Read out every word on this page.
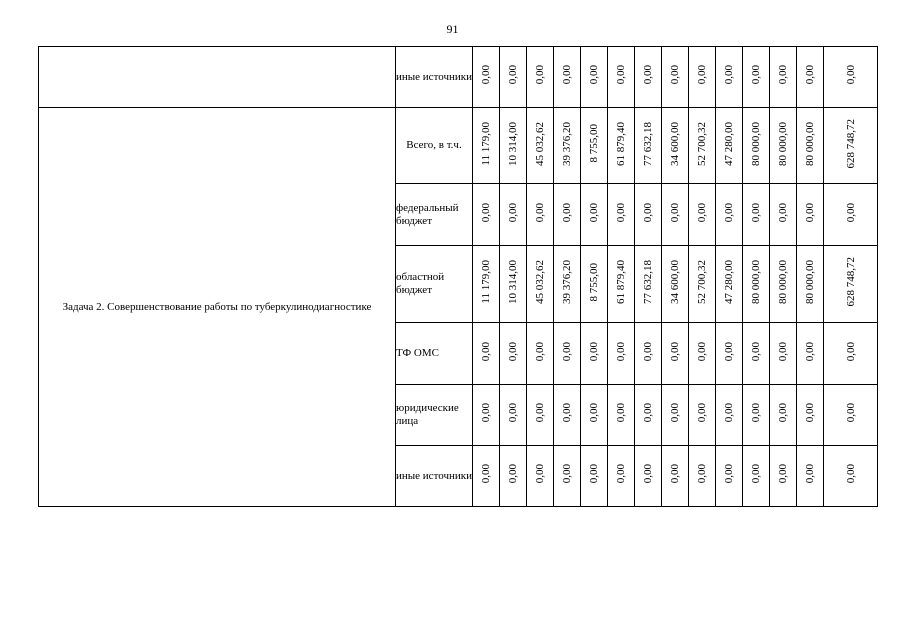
91
	иные источники	0,00	0,00	0,00	0,00	0,00	0,00	0,00	0,00	0,00	0,00	0,00	0,00	0,00	0,00
Задача 2. Совершенствование работы по туберкулинодиагностике	Всего, в т.ч.	11 179,00	10 314,00	45 032,62	39 376,20	8 755,00	61 879,40	77 632,18	34 600,00	52 700,32	47 280,00	80 000,00	80 000,00	80 000,00	628 748,72
	федеральный бюджет	0,00	0,00	0,00	0,00	0,00	0,00	0,00	0,00	0,00	0,00	0,00	0,00	0,00	0,00
	областной бюджет	11 179,00	10 314,00	45 032,62	39 376,20	8 755,00	61 879,40	77 632,18	34 600,00	52 700,32	47 280,00	80 000,00	80 000,00	80 000,00	628 748,72
	ТФ ОМС	0,00	0,00	0,00	0,00	0,00	0,00	0,00	0,00	0,00	0,00	0,00	0,00	0,00	0,00
	юридические лица	0,00	0,00	0,00	0,00	0,00	0,00	0,00	0,00	0,00	0,00	0,00	0,00	0,00	0,00
	иные источники	0,00	0,00	0,00	0,00	0,00	0,00	0,00	0,00	0,00	0,00	0,00	0,00	0,00	0,00
